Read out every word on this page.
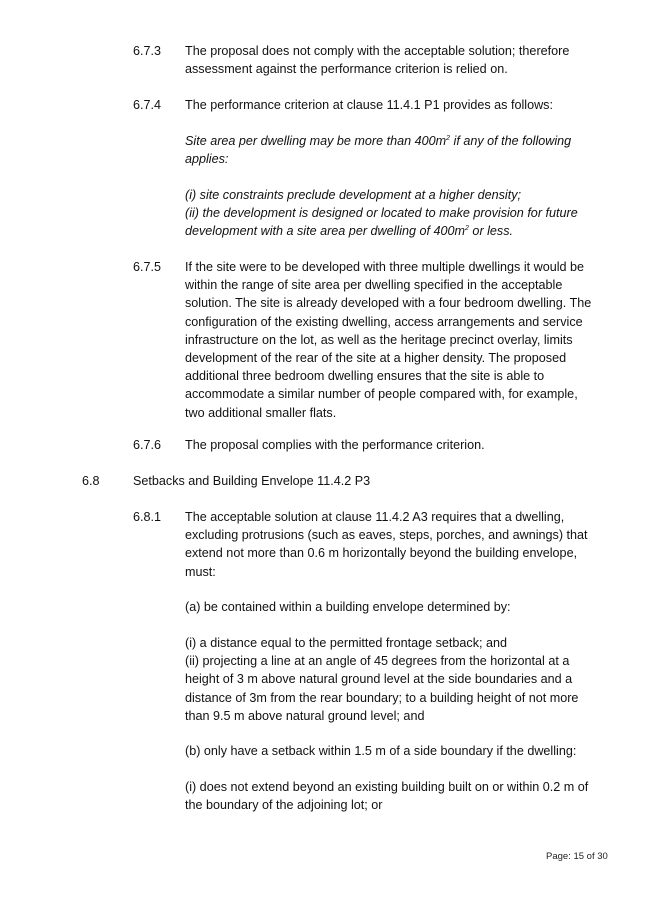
6.7.3 The proposal does not comply with the acceptable solution; therefore
assessment against the performance criterion is relied on.
6.7.4 The performance criterion at clause 11.4.1 P1 provides as follows:
Site area per dwelling may be more than $400m^2$ if any of the following
applies:
(i) site constraints preclude development at a higher density;
(ii) the development is designed or located to make provision for future
development with a site area per dwelling of $400m^2$ or less.
6.7.5 If the site were to be developed with three multiple dwellings it would be
within the range of site area per dwelling specified in the acceptable
solution. The site is already developed with a four bedroom dwelling. The
configuration of the existing dwelling, access arrangements and service
infrastructure on the lot, as well as the heritage precinct overlay, limits
development of the rear of the site at a higher density. The proposed
additional three bedroom dwelling ensures that the site is able to
accommodate a similar number of people compared with, for example,
two additional smaller flats.
6.7.6 The proposal complies with the performance criterion.
6.8	Setbacks and Building Envelope 11.4.2 P3
6.8.1 The acceptable solution at clause 11.4.2 A3 requires that a dwelling,
excluding protrusions (such as eaves, steps, porches, and awnings) that
extend not more than 0.6 m horizontally beyond the building envelope,
must:
(a) be contained within a building envelope determined by:
(i) a distance equal to the permitted frontage setback; and
(ii) projecting a line at an angle of 45 degrees from the horizontal at a
height of 3 m above natural ground level at the side boundaries and a
distance of 3m from the rear boundary; to a building height of not more
than 9.5 m above natural ground level; and
(b) only have a setback within 1.5 m of a side boundary if the dwelling:
(i) does not extend beyond an existing building built on or within 0.2 m of
the boundary of the adjoining lot; or
Page: 15 of 30
